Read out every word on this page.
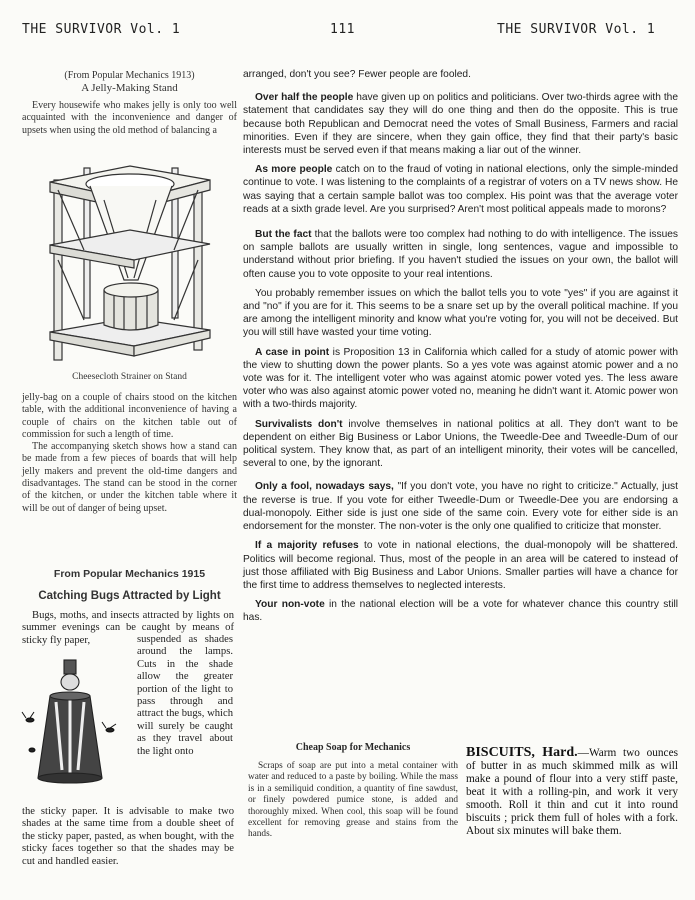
THE SURVIVOR Vol. 1	111	THE SURVIVOR Vol. 1
(From Popular Mechanics 1913)
A Jelly-Making Stand
Every housewife who makes jelly is only too well acquainted with the inconvenience and danger of upsets when using the old method of balancing a
Cheesecloth Strainer on Stand
jelly-bag on a couple of chairs stood on the kitchen table, with the additional inconvenience of having a couple of chairs on the kitchen table out of commission for such a length of time.
The accompanying sketch shows how a stand can be made from a few pieces of boards that will help jelly makers and prevent the old-time dangers and disadvantages. The stand can be stood in the corner of the kitchen, or under the kitchen table where it will be out of danger of being upset.
From Popular Mechanics 1915
Catching Bugs Attracted by Light
Bugs, moths, and insects attracted by lights on summer evenings can be caught by means of sticky fly paper,	suspended as shades around the lamps. Cuts in the shade allow the greater portion of the light to pass through and attract the bugs, which will surely be caught as they travel about the light onto
the sticky paper. It is advisable to make two shades at the same time from a double sheet of the sticky paper, pasted, as when bought, with the sticky faces together so that the shades may be cut and handled easier.

arranged, don't you see? Fewer people are fooled.

Over half the people have given up on politics and politicians. Over two-thirds agree with the statement that candidates say they will do one thing and then do the opposite. This is true because both Republican and Democrat need the votes of Small Business, Farmers and racial minorities. Even if they are sincere, when they gain office, they find that their party's basic interests must be served even if that means making a liar out of the winner.

As more people catch on to the fraud of voting in national elections, only the simple-minded continue to vote. I was listening to the complaints of a registrar of voters on a TV news show. He was saying that a certain sample ballot was too complex. His point was that the average voter reads at a sixth grade level. Are you surprised? Aren't most political appeals made to morons?

But the fact that the ballots were too complex had nothing to do with intelligence. The issues on sample ballots are usually written in single, long sentences, vague and impossible to understand without prior briefing. If you haven't studied the issues on your own, the ballot will often cause you to vote opposite to your real intentions.

You probably remember issues on which the ballot tells you to vote "yes" if you are against it and "no" if you are for it. This seems to be a snare set up by the overall political machine. If you are among the intelligent minority and know what you're voting for, you will not be deceived. But you will still have wasted your time voting.

A case in point is Proposition 13 in California which called for a study of atomic power with the view to shutting down the power plants. So a yes vote was against atomic power and a no vote was for it. The intelligent voter who was against atomic power voted yes. The less aware voter who was also against atomic power voted no, meaning he didn't want it. Atomic power won with a two-thirds majority.

Survivalists don't involve themselves in national politics at all. They don't want to be dependent on either Big Business or Labor Unions, the Tweedle-Dee and Tweedle-Dum of our political system. They know that, as part of an intelligent minority, their votes will be cancelled, several to one, by the ignorant.

Only a fool, nowadays says, "If you don't vote, you have no right to criticize." Actually, just the reverse is true. If you vote for either Tweedle-Dum or Tweedle-Dee you are endorsing a dual-monopoly. Either side is just one side of the same coin. Every vote for either side is an endorsement for the monster. The non-voter is the only one qualified to criticize that monster.

If a majority refuses to vote in national elections, the dual-monopoly will be shattered. Politics will become regional. Thus, most of the people in an area will be catered to instead of just those affiliated with Big Business and Labor Unions. Smaller parties will have a chance for the first time to address themselves to neglected interests.

Your non-vote in the national election will be a vote for whatever chance this country still has.

Cheap Soap for Mechanics
Scraps of soap are put into a metal container with water and reduced to a paste by boiling. While the mass is in a semiliquid condition, a quantity of fine sawdust, or finely powdered pumice stone, is added and thoroughly mixed. When cool, this soap will be found excellent for removing grease and stains from the hands.
BISCUITS, Hard.—Warm two ounces of butter in as much skimmed milk as will make a pound of flour into a very stiff paste, beat it with a rolling-pin, and work it very smooth. Roll it thin and cut it into round biscuits ; prick them full of holes with a fork. About six minutes will bake them.
